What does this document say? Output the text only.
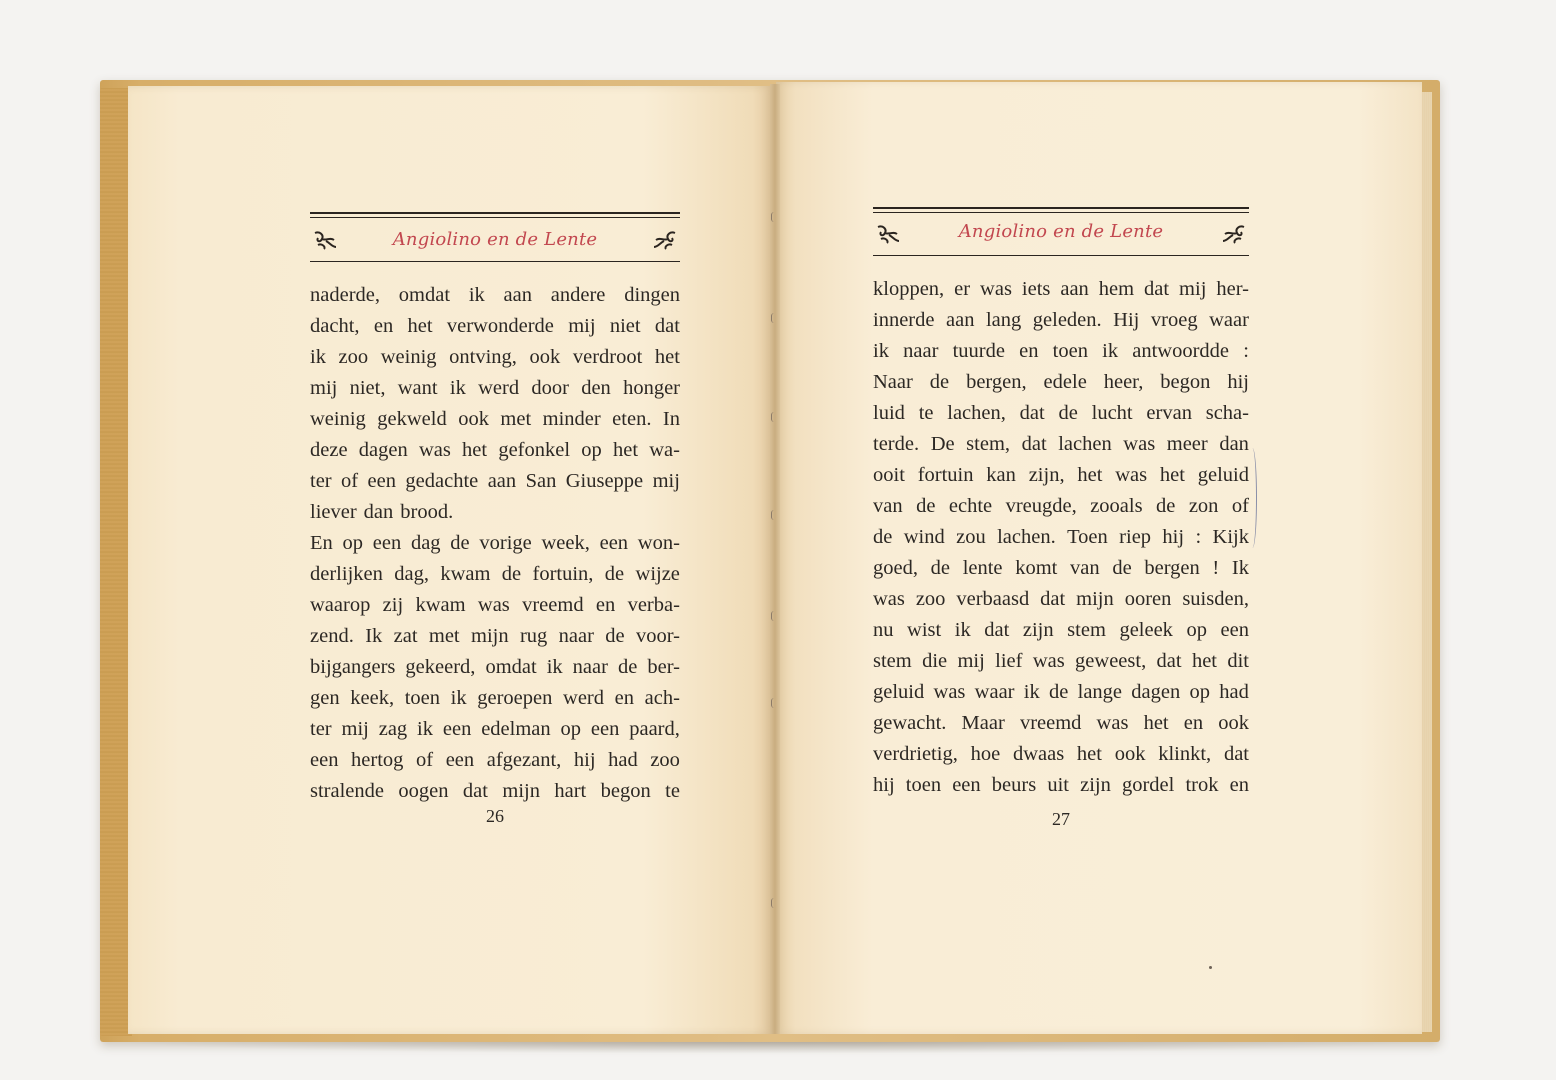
Angiolino en de Lente
naderde, omdat ik aan andere dingen
dacht, en het verwonderde mij niet dat
ik zoo weinig ontving, ook verdroot het
mij niet, want ik werd door den honger
weinig gekweld ook met minder eten. In
deze dagen was het gefonkel op het wa-
ter of een gedachte aan San Giuseppe mij
liever dan brood.
En op een dag de vorige week, een won-
derlijken dag, kwam de fortuin, de wijze
waarop zij kwam was vreemd en verba-
zend. Ik zat met mijn rug naar de voor-
bijgangers gekeerd, omdat ik naar de ber-
gen keek, toen ik geroepen werd en ach-
ter mij zag ik een edelman op een paard,
een hertog of een afgezant, hij had zoo
stralende oogen dat mijn hart begon te
26
Angiolino en de Lente
kloppen, er was iets aan hem dat mij her-
innerde aan lang geleden. Hij vroeg waar
ik naar tuurde en toen ik antwoordde :
Naar de bergen, edele heer, begon hij
luid te lachen, dat de lucht ervan scha-
terde. De stem, dat lachen was meer dan
ooit fortuin kan zijn, het was het geluid
van de echte vreugde, zooals de zon of
de wind zou lachen. Toen riep hij : Kijk
goed, de lente komt van de bergen ! Ik
was zoo verbaasd dat mijn ooren suisden,
nu wist ik dat zijn stem geleek op een
stem die mij lief was geweest, dat het dit
geluid was waar ik de lange dagen op had
gewacht. Maar vreemd was het en ook
verdrietig, hoe dwaas het ook klinkt, dat
hij toen een beurs uit zijn gordel trok en
27
